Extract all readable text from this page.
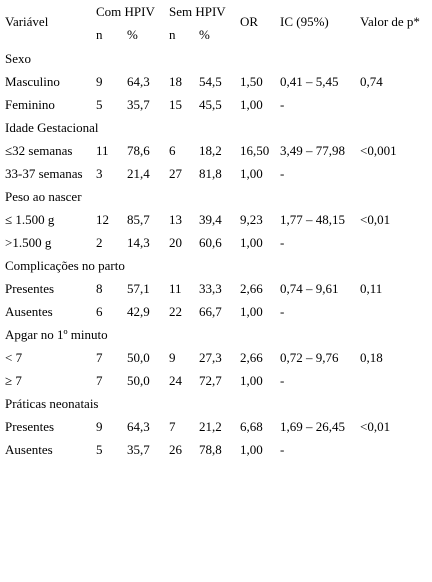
Variável
Com HPIV Sem HPIV
OR IC (95%) Valor de p*
n % n %
Sexo
Masculino	9 64,3 18 54,5 1,50 0,41 – 5,45 0,74
Feminino	5 35,7 15 45,5 1,00 -
Idade Gestacional
≤32 semanas 11 78,6 6 18,2 16,50 3,49 – 77,98 <0,001
33-37 semanas 3 21,4 27 81,8 1,00 -
Peso ao nascer
≤ 1.500 g	12 85,7 13 39,4 9,23 1,77 – 48,15 <0,01
>1.500 g	2 14,3 20 60,6 1,00 -
Complicações no parto
Presentes	8 57,1 11 33,3 2,66 0,74 – 9,61 0,11
Ausentes	6 42,9 22 66,7 1,00 -
Apgar no 1º minuto
< 7	7 50,0 9 27,3 2,66 0,72 – 9,76 0,18
≥ 7	7 50,0 24 72,7 1,00 -
Práticas neonatais
Presentes	9 64,3 7 21,2 6,68 1,69 – 26,45 <0,01
Ausentes	5 35,7 26 78,8 1,00 -
